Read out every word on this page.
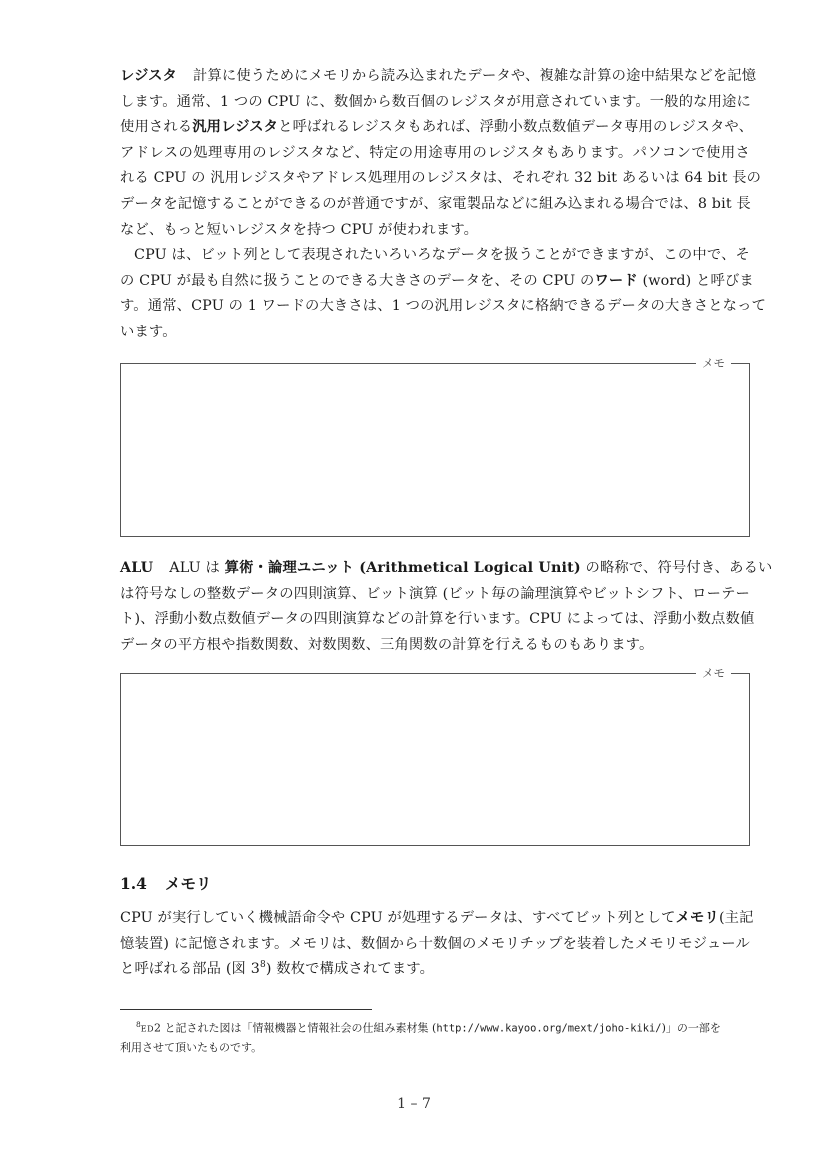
レジスタ 計算に使うためにメモリから読み込まれたデータや、複雑な計算の途中結果などを記憶
します。通常、1 つの CPU に、数個から数百個のレジスタが用意されています。一般的な用途に
使用される汎用レジスタと呼ばれるレジスタもあれば、浮動小数点数値データ専用のレジスタや、
アドレスの処理専用のレジスタなど、特定の用途専用のレジスタもあります。パソコンで使用さ
れる CPU の 汎用レジスタやアドレス処理用のレジスタは、それぞれ 32 bit あるいは 64 bit 長の
データを記憶することができるのが普通ですが、家電製品などに組み込まれる場合では、8 bit 長
など、もっと短いレジスタを持つ CPU が使われます。

CPU は、ビット列として表現されたいろいろなデータを扱うことができますが、この中で、そ
の CPU が最も自然に扱うことのできる大きさのデータを、その CPU のワード (word) と呼びま
す。通常、CPU の 1 ワードの大きさは、1 つの汎用レジスタに格納できるデータの大きさとなって
います。

メモ

ALU ALU は 算術・論理ユニット (Arithmetical Logical Unit) の略称で、符号付き、あるい
は符号なしの整数データの四則演算、ビット演算 (ビット毎の論理演算やビットシフト、ローテー
ト)、浮動小数点数値データの四則演算などの計算を行います。CPU によっては、浮動小数点数値
データの平方根や指数関数、対数関数、三角関数の計算を行えるものもあります。

メモ
1.4 メモリ

CPU が実行していく機械語命令や CPU が処理するデータは、すべてビット列としてメモリ(主記
憶装置) に記憶されます。メモリは、数個から十数個のメモリチップを装着したメモリモジュール
と呼ばれる部品 (図 3$^8$) 数枚で構成されてます。

$^8$ED2 と記された図は「情報機器と情報社会の仕組み素材集 (http://www.kayoo.org/mext/joho-kiki/)」の一部を
利用させて頂いたものです。
1 – 7
